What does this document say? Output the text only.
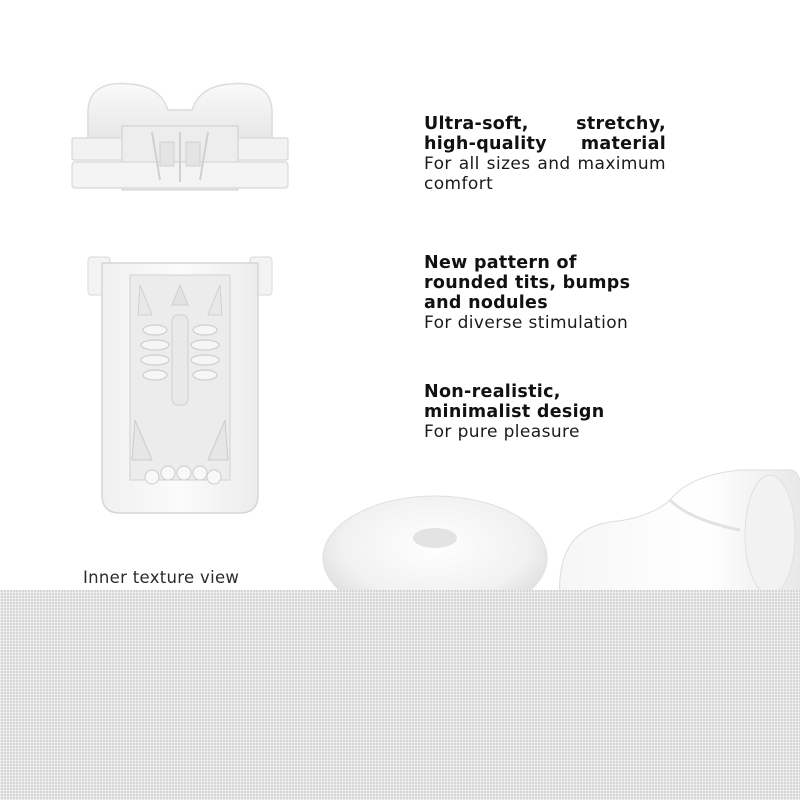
Ultra-soft, stretchy, high-quality material
For all sizes and maximum comfort
New pattern of rounded tits, bumps and nodules
For diverse stimulation
Non-realistic, minimalist design
For pure pleasure
Inner texture view
